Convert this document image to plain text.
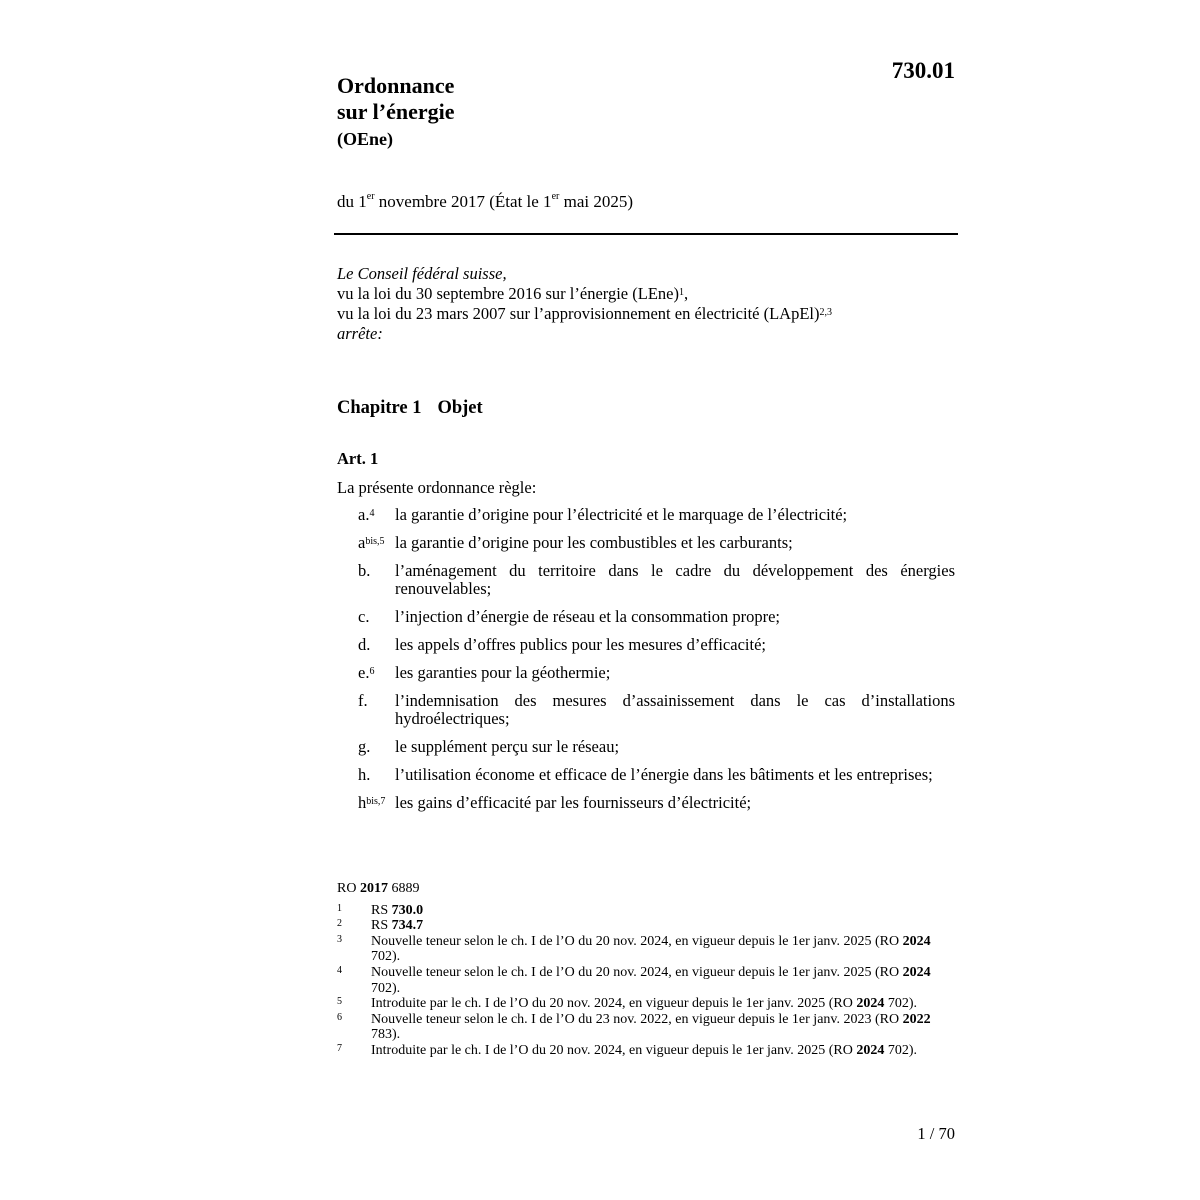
730.01
Ordonnance
sur l’énergie
(OEne)
du 1er novembre 2017 (État le 1er mai 2025)
Le Conseil fédéral suisse,
vu la loi du 30 septembre 2016 sur l’énergie (LEne)$^1$,
vu la loi du 23 mars 2007 sur l’approvisionnement en électricité (LApEl)$^{2,3}$
arrête:
Chapitre 1 Objet
Art. 1
La présente ordonnance règle:
a.$^4$	la garantie d’origine pour l’électricité et le marquage de l’électricité;
$a^{bis,5}$ la garantie d’origine pour les combustibles et les carburants;
b.	l’aménagement du territoire dans le cadre du développement des énergies renouvelables;
c.	l’injection d’énergie de réseau et la consommation propre;
d.	les appels d’offres publics pour les mesures d’efficacité;
e.$^6$	les garanties pour la géothermie;
f.	l’indemnisation des mesures d’assainissement dans le cas d’installations hydroélectriques;
g.	le supplément perçu sur le réseau;
h.	l’utilisation économe et efficace de l’énergie dans les bâtiments et les entreprises;
$h^{bis,7}$ les gains d’efficacité par les fournisseurs d’électricité;
RO 2017 6889
1	RS 730.0
2	RS 734.7
3	Nouvelle teneur selon le ch. I de l’O du 20 nov. 2024, en vigueur depuis le 1er janv. 2025 (RO 2024 702).
4	Nouvelle teneur selon le ch. I de l’O du 20 nov. 2024, en vigueur depuis le 1er janv. 2025 (RO 2024 702).
5	Introduite par le ch. I de l’O du 20 nov. 2024, en vigueur depuis le 1er janv. 2025 (RO 2024 702).
6	Nouvelle teneur selon le ch. I de l’O du 23 nov. 2022, en vigueur depuis le 1er janv. 2023 (RO 2022 783).
7	Introduite par le ch. I de l’O du 20 nov. 2024, en vigueur depuis le 1er janv. 2025 (RO 2024 702).
1 / 70
